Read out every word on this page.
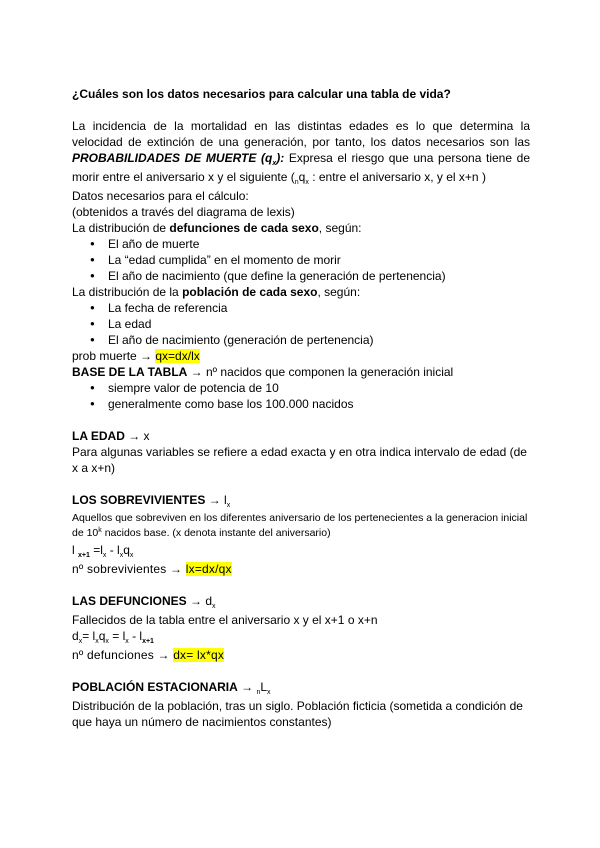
¿Cuáles son los datos necesarios para calcular una tabla de vida?

La incidencia de la mortalidad en las distintas edades es lo que determina la velocidad de extinción de una generación, por tanto, los datos necesarios son las PROBABILIDADES DE MUERTE $(q_x)$: Expresa el riesgo que una persona tiene de morir entre el aniversario x y el siguiente ($_nq_x$ : entre el aniversario x, y el x+n )

Datos necesarios para el cálculo:

(obtenidos a través del diagrama de lexis)

La distribución de defunciones de cada sexo, según:

● El año de muerte
● La “edad cumplida” en el momento de morir
● El año de nacimiento (que define la generación de pertenencia)

La distribución de la población de cada sexo, según:

● La fecha de referencia
● La edad
● El año de nacimiento (generación de pertenencia)

prob muerte → qx=dx/lx

BASE DE LA TABLA → nº nacidos que componen la generación inicial

● siempre valor de potencia de 10
● generalmente como base los 100.000 nacidos

LA EDAD → x

Para algunas variables se refiere a edad exacta y en otra indica intervalo de edad (de x a x+n)

LOS SOBREVIVIENTES → $l_x$

Aquellos que sobreviven en los diferentes aniversario de los pertenecientes a la generacion inicial de 10$^k$ nacidos base. (x denota instante del aniversario)

l $_{x+1} =l_x - l_xq_x$

nº sobrevivientes → lx=dx/qx

LAS DEFUNCIONES → $d_x$

Fallecidos de la tabla entre el aniversario x y el x+1 o x+n

$d_x= l_xq_x = l_x - l_{x+1}$

nº defunciones → dx= lx*qx

POBLACIÓN ESTACIONARIA → $_nL_x$

Distribución de la población, tras un siglo. Población ficticia (sometida a condición de que haya un número de nacimientos constantes)
